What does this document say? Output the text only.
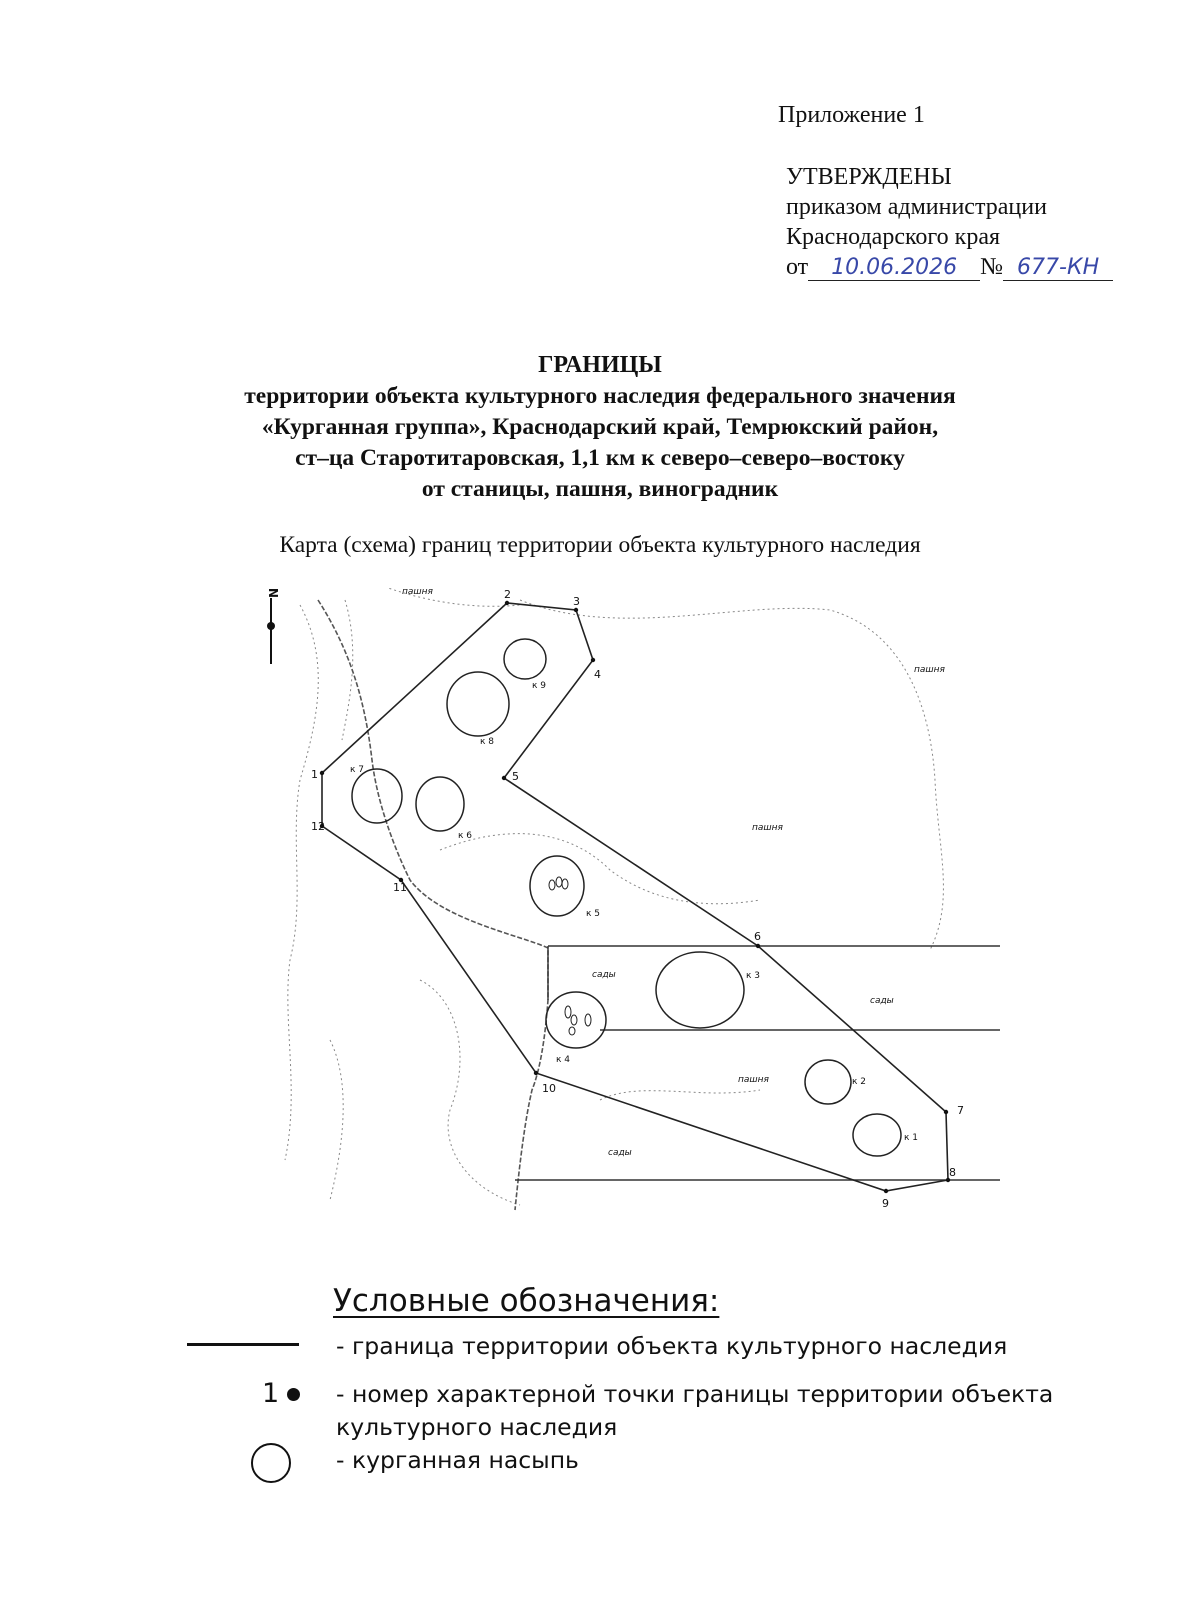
Приложение 1
УТВЕРЖДЕНЫ
приказом администрации
Краснодарского края
от 10.06.2026 № 677-КН
ГРАНИЦЫ
территории объекта культурного наследия федерального значения
«Курганная группа», Краснодарский край, Темрюкский район,
ст–ца Старотитаровская, 1,1 км к северо–северо–востоку
от станицы, пашня, виноградник
Карта (схема) границ территории объекта культурного наследия
1
2
3
4
5
6
7
8
9
10
11
12
к 1
к 2
к 3
к 4
к 5
к 6
к 7
к 8
к 9
пашня
пашня
пашня
пашня
сады
сады
сады
N
Условные обозначения:
- граница территории объекта культурного наследия
1 - номер характерной точки границы территории объекта культурного наследия
- курганная насыпь
